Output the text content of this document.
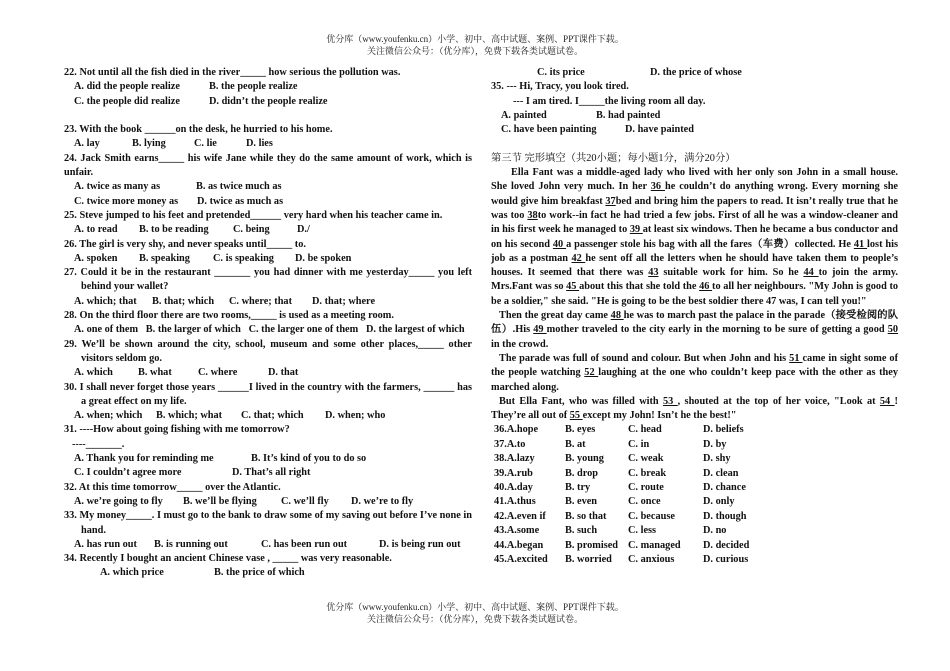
优分库（www.youfenku.cn）小学、初中、高中试题、案例、PPT课件下载。
关注微信公众号：（优分库），免费下载各类试题试卷。
22. Not until all the fish died in the river_____ how serious the pollution was.
A. did the people realize	B. the people realize
C. the people did realize	D. didn’t the people realize
23. With the book ______on the desk, he hurried to his home.
A. lay	B. lying	C. lie	D. lies
24. Jack Smith earns_____ his wife Jane while they do the same amount of work, which is unfair.
A. twice as many as	B. as twice much as
C. twice more money as D. twice as much as
25. Steve jumped to his feet and pretended______ very hard when his teacher came in.
A. to read B. to be reading C. being	D./
26. The girl is very shy, and never speaks until_____ to.
A. spoken B. speaking C. is speaking D. be spoken
27. Could it be in the restaurant _______ you had dinner with me yesterday_____ you left behind your wallet?
A. which; that B. that; which C. where; that D. that; where
28. On the third floor there are two rooms,_____ is used as a meeting room.
A. one of them B. the larger of which C. the larger one of them D. the largest of which
29. We’ll be shown around the city, school, museum and some other places,_____ other visitors seldom go.
A. which B. what	C. where	D. that
30. I shall never forget those years ______I lived in the country with the farmers, ______ has a great effect on my life.
A. when; which B. which; what C. that; which D. when; who
31. ----How about going fishing with me tomorrow?
----_______.
A. Thank you for reminding me	B. It’s kind of you to do so
C. I couldn’t agree more	D. That’s all right
32. At this time tomorrow_____ over the Atlantic.
A. we’re going to fly B. we’ll be flying C. we’ll fly D. we’re to fly
33. My money_____. I must go to the bank to draw some of my saving out before I’ve none in hand.
A. has run out B. is running out	C. has been run out	D. is being run out
34. Recently I bought an ancient Chinese vase , _____ was very reasonable.
A. which price	B. the price of which
C. its price	D. the price of whose
35. --- Hi, Tracy, you look tired.
--- I am tired. I_____the living room all day.
A. painted	B. had painted
C. have been painting	D. have painted
第三节 完形填空（共20小题；每小题1分，满分20分）
Ella Fant was a middle-aged lady who lived with her only son John in a small house. She loved John very much. In her 36 he couldn’t do anything wrong. Every morning she would give him breakfast 37bed and bring him the papers to read. It isn’t really true that he was too 38to work--in fact he had tried a few jobs. First of all he was a window-cleaner and in his first week he managed to 39 at least six windows. Then he became a bus conductor and on his second 40 a passenger stole his bag with all the fares（车费）collected. He 41 lost his job as a postman 42 he sent off all the letters when he should have taken them to people’s houses. It seemed that there was 43 suitable work for him. So he 44 to join the army. Mrs.Fant was so 45 about this that she told the 46 to all her neighbours. "My John is good to be a soldier," she said. "He is going to be the best soldier there 47 was, I can tell you!"
Then the great day came 48 he was to march past the palace in the parade（接受检阅的队伍）.His 49 mother traveled to the city early in the morning to be sure of getting a good 50 in the crowd.
The parade was full of sound and colour. But when John and his 51 came in sight some of the people watching 52 laughing at the one who couldn’t keep pace with the other as they marched along.
But Ella Fant, who was filled with 53 , shouted at the top of her voice, "Look at 54 ! They’re all out of 55 except my John! Isn’t he the best!"
36.A.hope	B. eyes	C. head	D. beliefs
37.A.to	B. at	C. in	D. by
38.A.lazy	B. young	C. weak	D. shy
39.A.rub	B. drop	C. break	D. clean
40.A.day	B. try	C. route	D. chance
41.A.thus	B. even	C. once	D. only
42.A.even if	B. so that	C. because	D. though
43.A.some	B. such	C. less	D. no
44.A.began	B. promised	C. managed	D. decided
45.A.excited	B. worried	C. anxious	D. curious
优分库（www.youfenku.cn）小学、初中、高中试题、案例、PPT课件下载。
关注微信公众号：（优分库），免费下载各类试题试卷。
